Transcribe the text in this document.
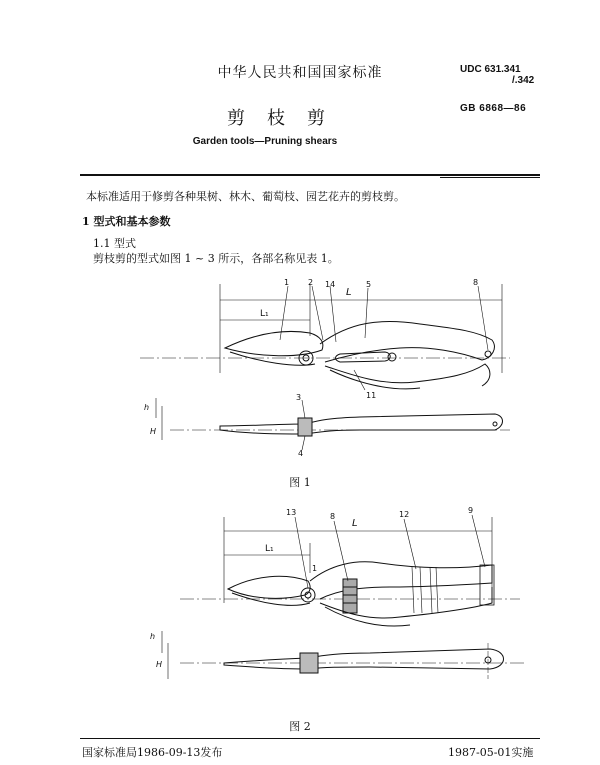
中华人民共和国国家标准	UDC 631.341
/.342
GB 6868—86
剪枝剪
Garden tools—Pruning shears
本标准适用于修剪各种果树、林木、葡萄枝、园艺花卉的剪枝剪。
1 型式和基本参数
1.1 型式
剪枝剪的型式如图 1 ~ 3 所示，各部名称见表 1。
L₁
L
1 2 14	5	8
11
3
4
h
H
图 1
L₁
L
13	8	12	9
1
h
H
图 2
国家标准局1986-09-13发布	1987-05-01实施
